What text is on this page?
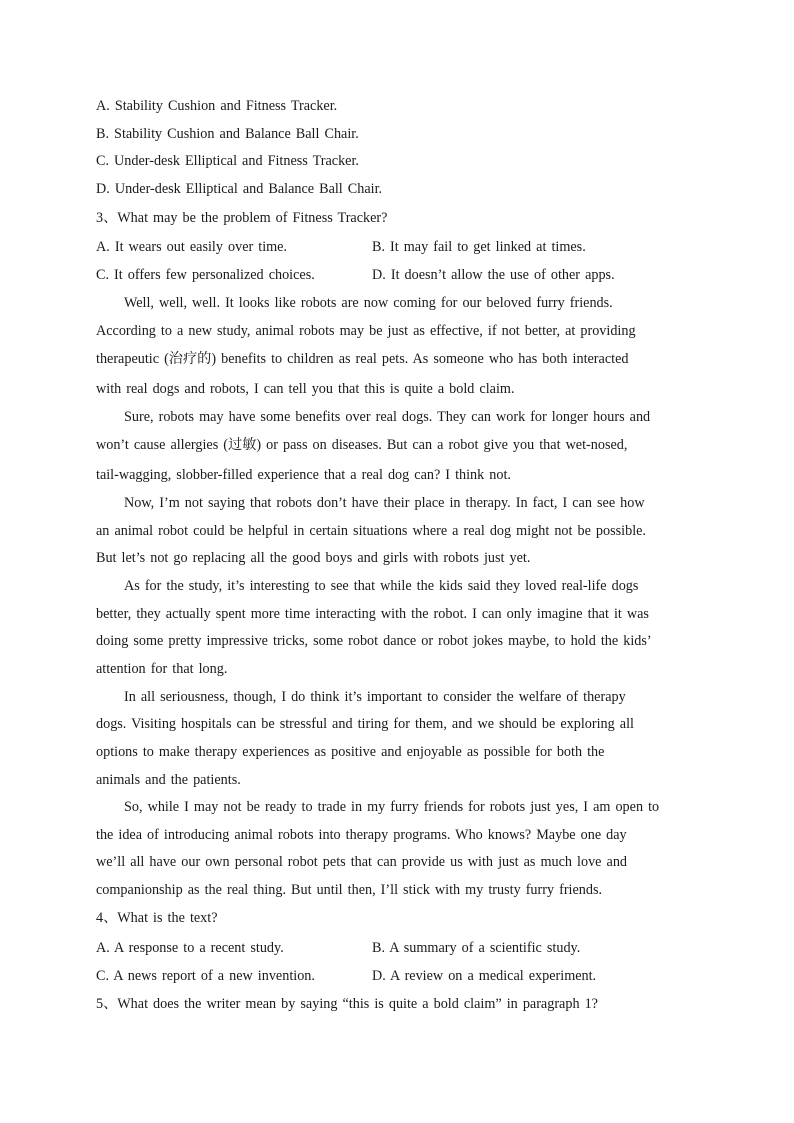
A. Stability Cushion and Fitness Tracker.
B. Stability Cushion and Balance Ball Chair.
C. Under-desk Elliptical and Fitness Tracker.
D. Under-desk Elliptical and Balance Ball Chair.
3、What may be the problem of Fitness Tracker?
A. It wears out easily over time.	B. It may fail to get linked at times.
C. It offers few personalized choices.	D. It doesn’t allow the use of other apps.
Well, well, well. It looks like robots are now coming for our beloved furry friends.
According to a new study, animal robots may be just as effective, if not better, at providing
therapeutic (治疗的) benefits to children as real pets. As someone who has both interacted
with real dogs and robots, I can tell you that this is quite a bold claim.
Sure, robots may have some benefits over real dogs. They can work for longer hours and
won’t cause allergies (过敏) or pass on diseases. But can a robot give you that wet-nosed,
tail-wagging, slobber-filled experience that a real dog can? I think not.
Now, I’m not saying that robots don’t have their place in therapy. In fact, I can see how
an animal robot could be helpful in certain situations where a real dog might not be possible.
But let’s not go replacing all the good boys and girls with robots just yet.
As for the study, it’s interesting to see that while the kids said they loved real-life dogs
better, they actually spent more time interacting with the robot. I can only imagine that it was
doing some pretty impressive tricks, some robot dance or robot jokes maybe, to hold the kids’
attention for that long.
In all seriousness, though, I do think it’s important to consider the welfare of therapy
dogs. Visiting hospitals can be stressful and tiring for them, and we should be exploring all
options to make therapy experiences as positive and enjoyable as possible for both the
animals and the patients.
So, while I may not be ready to trade in my furry friends for robots just yes, I am open to
the idea of introducing animal robots into therapy programs. Who knows? Maybe one day
we’ll all have our own personal robot pets that can provide us with just as much love and
companionship as the real thing. But until then, I’ll stick with my trusty furry friends.
4、What is the text?
A. A response to a recent study.	B. A summary of a scientific study.
C. A news report of a new invention.	D. A review on a medical experiment.
5、What does the writer mean by saying “this is quite a bold claim” in paragraph 1?
